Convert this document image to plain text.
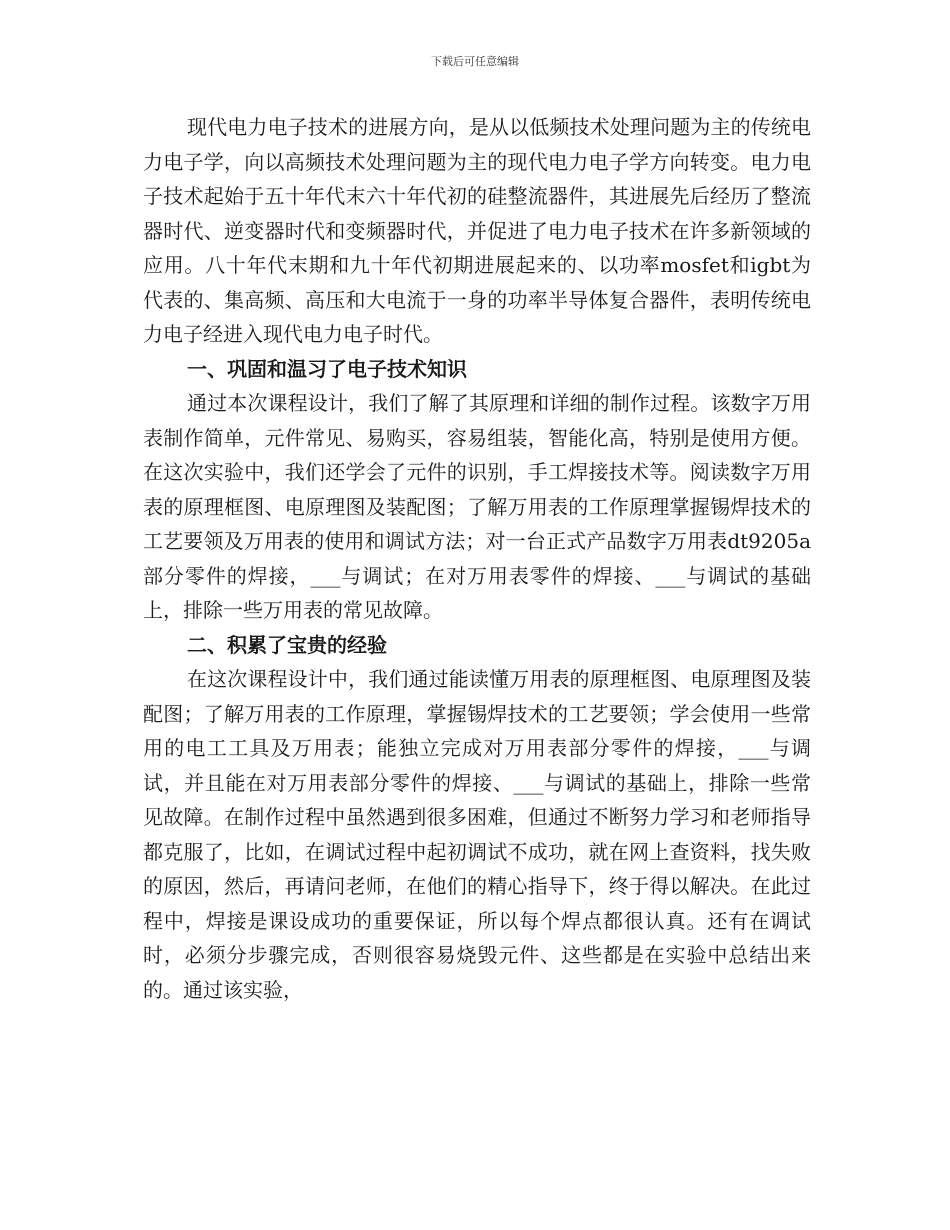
下载后可任意编辑

现代电力电子技术的进展方向，是从以低频技术处理问题为主的传统电力电子学，向以高频技术处理问题为主的现代电力电子学方向转变。电力电子技术起始于五十年代末六十年代初的硅整流器件，其进展先后经历了整流器时代、逆变器时代和变频器时代，并促进了电力电子技术在许多新领域的应用。八十年代末期和九十年代初期进展起来的、以功率mosfet和igbt为代表的、集高频、高压和大电流于一身的功率半导体复合器件，表明传统电力电子经进入现代电力电子时代。

一、巩固和温习了电子技术知识

通过本次课程设计，我们了解了其原理和详细的制作过程。该数字万用表制作简单，元件常见、易购买，容易组装，智能化高，特别是使用方便。在这次实验中，我们还学会了元件的识别，手工焊接技术等。阅读数字万用表的原理框图、电原理图及装配图；了解万用表的工作原理掌握锡焊技术的工艺要领及万用表的使用和调试方法；对一台正式产品数字万用表dt9205a部分零件的焊接，___与调试；在对万用表零件的焊接、___与调试的基础上，排除一些万用表的常见故障。

二、积累了宝贵的经验

在这次课程设计中，我们通过能读懂万用表的原理框图、电原理图及装配图；了解万用表的工作原理，掌握锡焊技术的工艺要领；学会使用一些常用的电工工具及万用表；能独立完成对万用表部分零件的焊接，___与调试，并且能在对万用表部分零件的焊接、___与调试的基础上，排除一些常见故障。在制作过程中虽然遇到很多困难，但通过不断努力学习和老师指导都克服了，比如，在调试过程中起初调试不成功，就在网上查资料，找失败的原因，然后，再请问老师，在他们的精心指导下，终于得以解决。在此过程中，焊接是课设成功的重要保证，所以每个焊点都很认真。还有在调试时，必须分步骤完成，否则很容易烧毁元件、这些都是在实验中总结出来的。通过该实验，
